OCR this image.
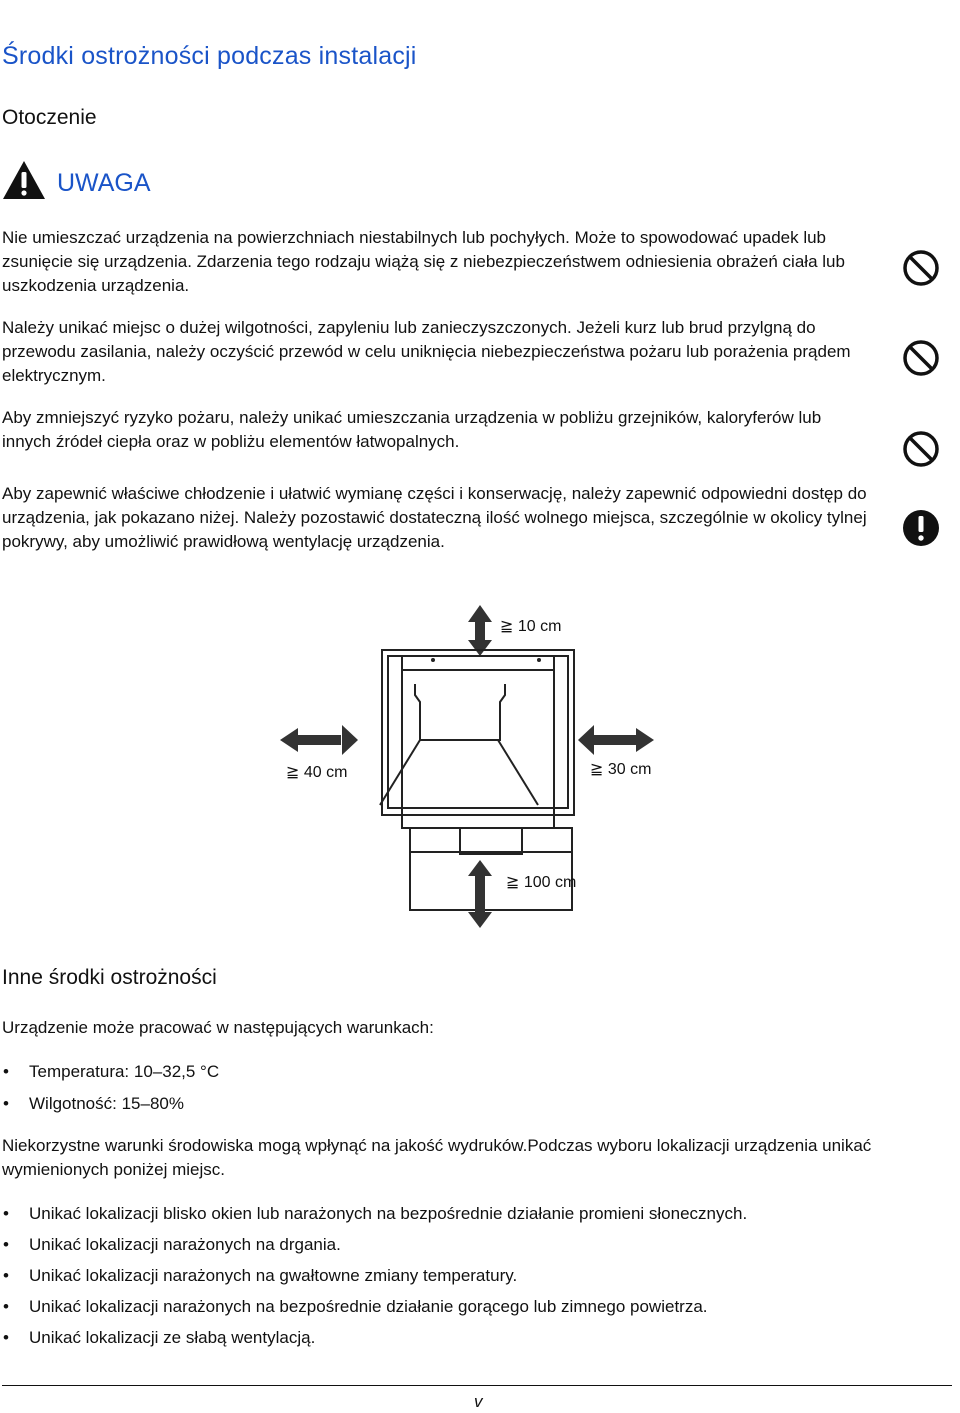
Środki ostrożności podczas instalacji
Otoczenie
UWAGA
Nie umieszczać urządzenia na powierzchniach niestabilnych lub pochyłych. Może to spowodować upadek lub zsunięcie się urządzenia. Zdarzenia tego rodzaju wiążą się z niebezpieczeństwem odniesienia obrażeń ciała lub uszkodzenia urządzenia.
Należy unikać miejsc o dużej wilgotności, zapyleniu lub zanieczyszczonych. Jeżeli kurz lub brud przylgną do przewodu zasilania, należy oczyścić przewód w celu uniknięcia niebezpieczeństwa pożaru lub porażenia prądem elektrycznym.
Aby zmniejszyć ryzyko pożaru, należy unikać umieszczania urządzenia w pobliżu grzejników, kaloryferów lub innych źródeł ciepła oraz w pobliżu elementów łatwopalnych.
Aby zapewnić właściwe chłodzenie i ułatwić wymianę części i konserwację, należy zapewnić odpowiedni dostęp do urządzenia, jak pokazano niżej. Należy pozostawić dostateczną ilość wolnego miejsca, szczególnie w okolicy tylnej pokrywy, aby umożliwić prawidłową wentylację urządzenia.
≧ 10 cm
≧ 40 cm	≧ 30 cm
≧ 100 cm
Inne środki ostrożności
Urządzenie może pracować w następujących warunkach:
• Temperatura: 10–32,5 °C
• Wilgotność: 15–80%
Niekorzystne warunki środowiska mogą wpłynąć na jakość wydruków.Podczas wyboru lokalizacji urządzenia unikać wymienionych poniżej miejsc.
• Unikać lokalizacji blisko okien lub narażonych na bezpośrednie działanie promieni słonecznych.
• Unikać lokalizacji narażonych na drgania.
• Unikać lokalizacji narażonych na gwałtowne zmiany temperatury.
• Unikać lokalizacji narażonych na bezpośrednie działanie gorącego lub zimnego powietrza.
• Unikać lokalizacji ze słabą wentylacją.
v
